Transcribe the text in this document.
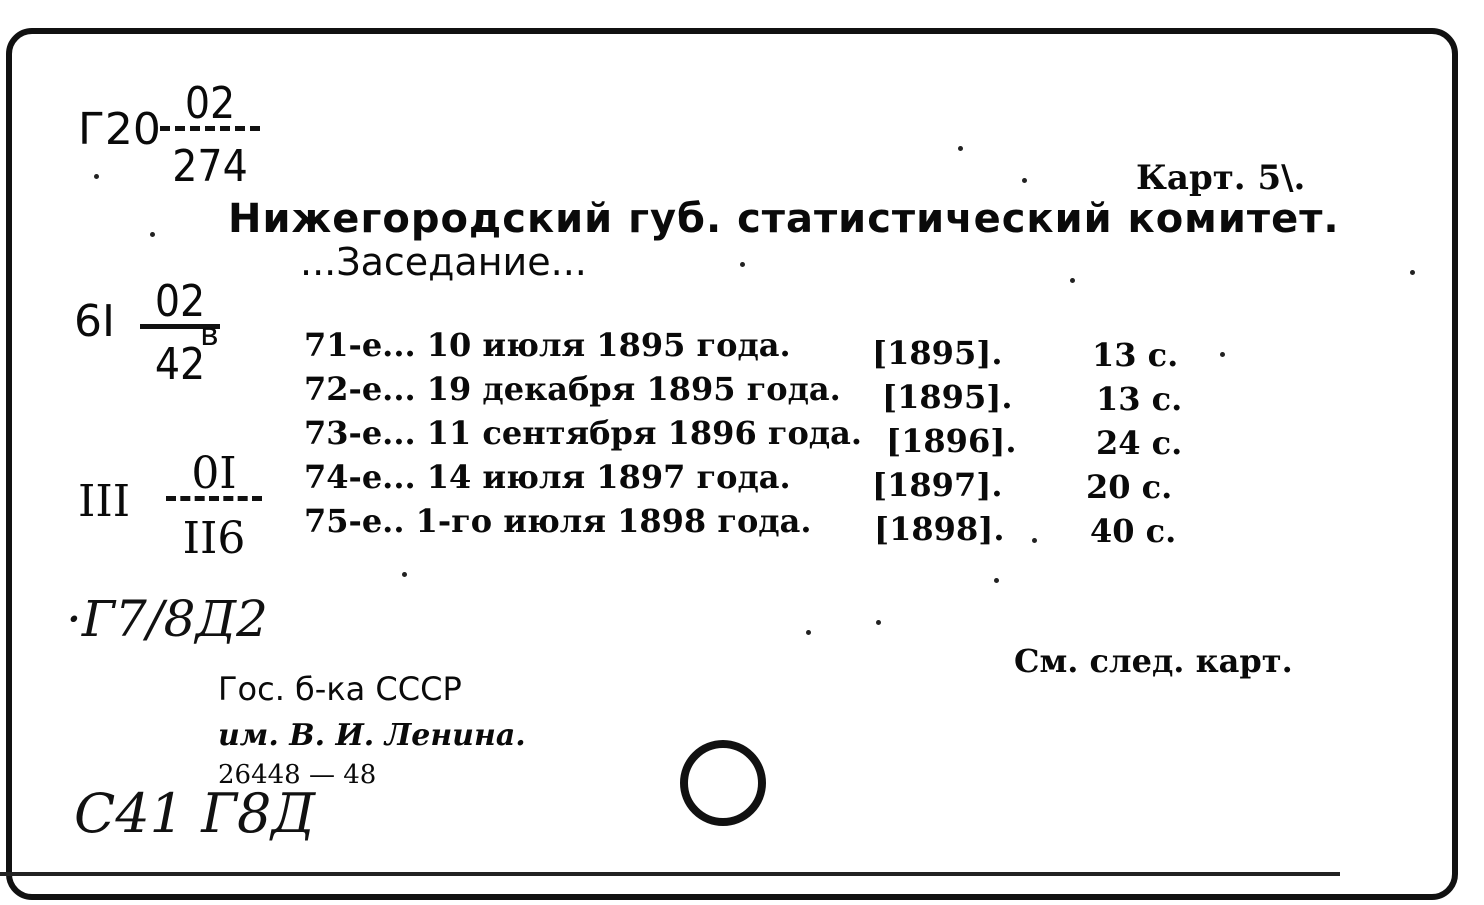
$Г20 \frac{02}{274}$	Карт. 5\.
Нижегородский губ. статистический комитет.
...Заседание...
$6I \frac{02}{42}$
в	71-е... 10 июля 1895 года.	[1895].	13 с.
72-е... 19 декабря 1895 года. [1895].	13 с.
73-е... 11 сентября 1896 года. [1896]. 24 с.
74-е... 14 июля 1897 года.	[1897].	20 с.
75-е.. 1-го июля 1898 года. [1898].	40 с.
III $\frac{0I}{II6}$
·Г7/8Д2
С41 Г8Д
См. след. карт.
Гос. б-ка СССР
им. В. И. Ленина.
26448 — 48
